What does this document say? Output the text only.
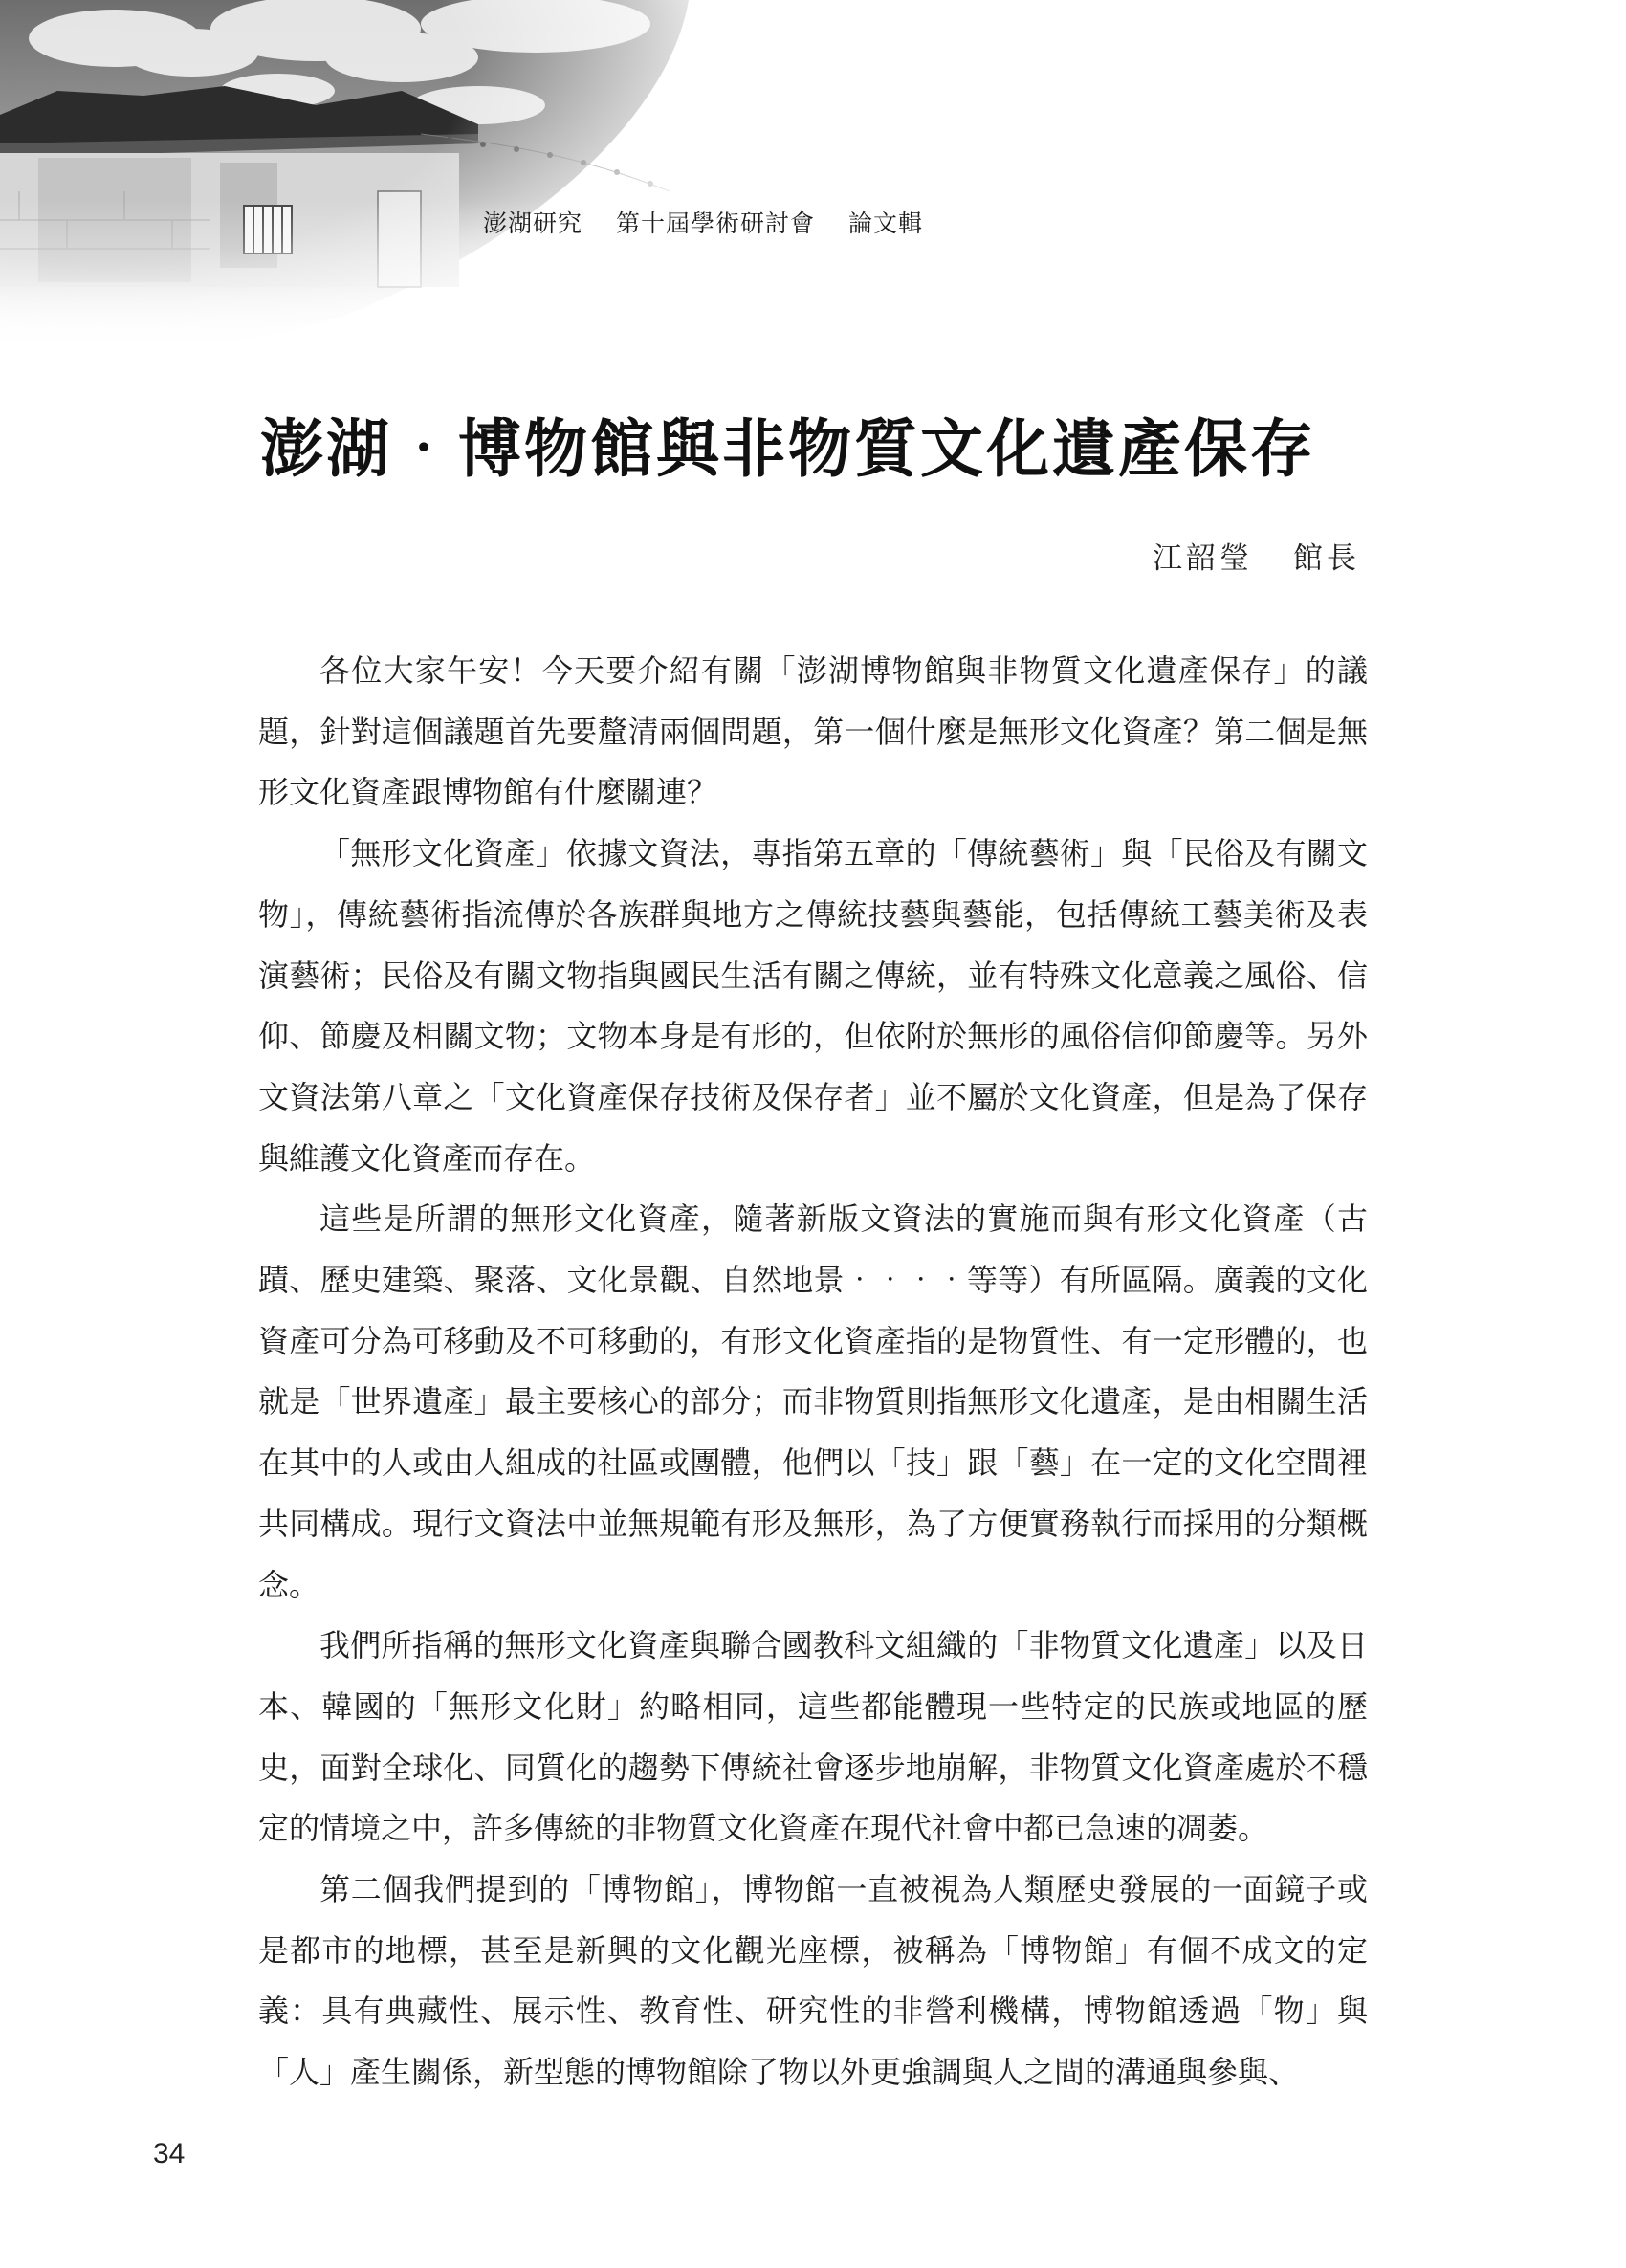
澎湖研究 第十屆學術研討會 論文輯
澎湖‧博物館與非物質文化遺產保存
江韶瑩 館長

各位大家午安！今天要介紹有關「澎湖博物館與非物質文化遺產保存」的議題，針對這個議題首先要釐清兩個問題，第一個什麼是無形文化資產？第二個是無形文化資產跟博物館有什麼關連？

「無形文化資產」依據文資法，專指第五章的「傳統藝術」與「民俗及有關文物」，傳統藝術指流傳於各族群與地方之傳統技藝與藝能，包括傳統工藝美術及表演藝術；民俗及有關文物指與國民生活有關之傳統，並有特殊文化意義之風俗、信仰、節慶及相關文物；文物本身是有形的，但依附於無形的風俗信仰節慶等。另外文資法第八章之「文化資產保存技術及保存者」並不屬於文化資產，但是為了保存與維護文化資產而存在。

這些是所謂的無形文化資產，隨著新版文資法的實施而與有形文化資產（古蹟、歷史建築、聚落、文化景觀、自然地景‧‧‧‧等等）有所區隔。廣義的文化資產可分為可移動及不可移動的，有形文化資產指的是物質性、有一定形體的，也就是「世界遺產」最主要核心的部分；而非物質則指無形文化遺產，是由相關生活在其中的人或由人組成的社區或團體，他們以「技」跟「藝」在一定的文化空間裡共同構成。現行文資法中並無規範有形及無形，為了方便實務執行而採用的分類概念。

我們所指稱的無形文化資產與聯合國教科文組織的「非物質文化遺產」以及日本、韓國的「無形文化財」約略相同，這些都能體現一些特定的民族或地區的歷史，面對全球化、同質化的趨勢下傳統社會逐步地崩解，非物質文化資產處於不穩定的情境之中，許多傳統的非物質文化資產在現代社會中都已急速的凋萎。

第二個我們提到的「博物館」，博物館一直被視為人類歷史發展的一面鏡子或是都市的地標，甚至是新興的文化觀光座標，被稱為「博物館」有個不成文的定義：具有典藏性、展示性、教育性、研究性的非營利機構，博物館透過「物」與「人」產生關係，新型態的博物館除了物以外更強調與人之間的溝通與參與、

34
